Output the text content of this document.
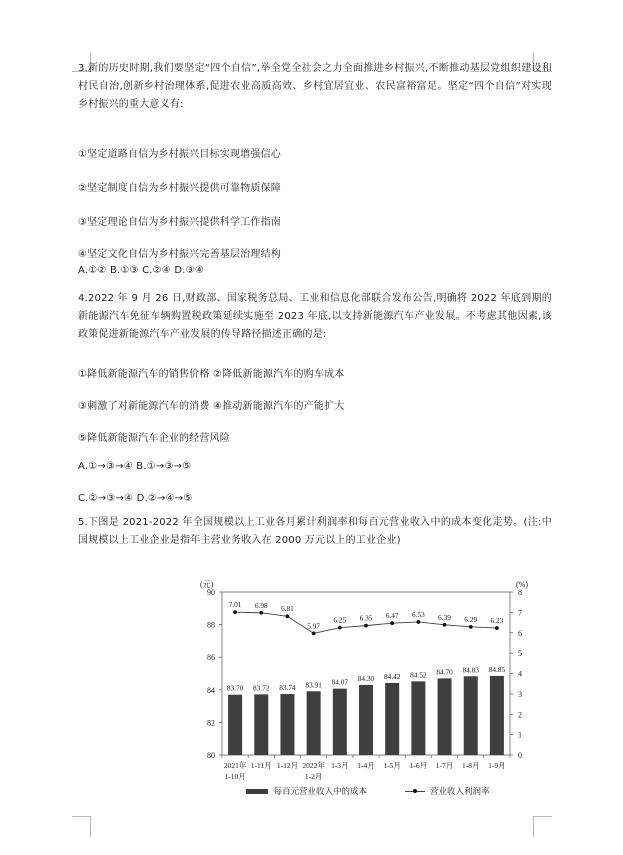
3.新的历史时期,我们要坚定“四个自信”,举全党全社会之力全面推进乡村振兴,不断推动基层党组织建设和村民自治,创新乡村治理体系,促进农业高质高效、乡村宜居宜业、农民富裕富足。坚定“四个自信”对实现乡村振兴的重大意义有:
①坚定道路自信为乡村振兴目标实现增强信心
②坚定制度自信为乡村振兴提供可靠物质保障
③坚定理论自信为乡村振兴提供科学工作指南
④坚定文化自信为乡村振兴完善基层治理结构
A.①② B.①③ C.②④ D.③④
4.2022 年 9 月 26 日,财政部、国家税务总局、工业和信息化部联合发布公告,明确将 2022 年底到期的新能源汽车免征车辆购置税政策延续实施至 2023 年底,以支持新能源汽车产业发展。不考虑其他因素,该政策促进新能源汽车产业发展的传导路径描述正确的是:
①降低新能源汽车的销售价格 ②降低新能源汽车的购车成本
③刺激了对新能源汽车的消费 ④推动新能源汽车的产能扩大
⑤降低新能源汽车企业的经营风险
A.①→③→④ B.①→③→⑤
C.②→③→④ D.②→④→⑤
5.下图是 2021-2022 年全国规模以上工业各月累计利润率和每百元营业收入中的成本变化走势。(注:中国规模以上工业企业是指年主营业务收入在 2000 万元以上的工业企业)
(元)
90
88
86
84
82
80
(%)
8
7
6
5
4
3
2
1
0
83.70 83.72 83.74 83.91 84.07 84.30 84.42 84.52 84.70 84.83 84.85
7.01 6.98 6.81
5.97
6.25 6.35 6.47 6.53 6.39 6.29 6.23
2021年
1-10月
1-11月 1-12月 2022年
1-2月
1-3月 1-4月 1-5月 1-6月 1-7月 1-8月 1-9月
每百元营业收入中的成本	营业收入利润率
